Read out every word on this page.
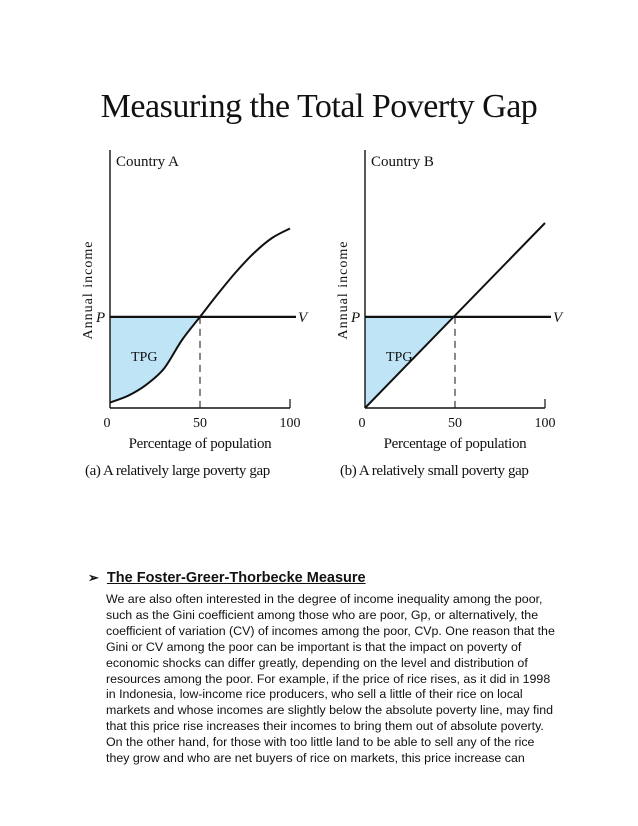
Measuring the Total Poverty Gap
Country A
Annual income P	V
TPG
0	50	100
Percentage of population
Country B
Annual income P	V
TPG
0	50	100
Percentage of population
(a) A relatively large poverty gap	(b) A relatively small poverty gap
➢ The Foster-Greer-Thorbecke Measure
We are also often interested in the degree of income inequality among the poor,
such as the Gini coefficient among those who are poor, Gp, or alternatively, the
coefficient of variation (CV) of incomes among the poor, CVp. One reason that the
Gini or CV among the poor can be important is that the impact on poverty of
economic shocks can differ greatly, depending on the level and distribution of
resources among the poor. For example, if the price of rice rises, as it did in 1998
in Indonesia, low-income rice producers, who sell a little of their rice on local
markets and whose incomes are slightly below the absolute poverty line, may find
that this price rise increases their incomes to bring them out of absolute poverty.
On the other hand, for those with too little land to be able to sell any of the rice
they grow and who are net buyers of rice on markets, this price increase can
